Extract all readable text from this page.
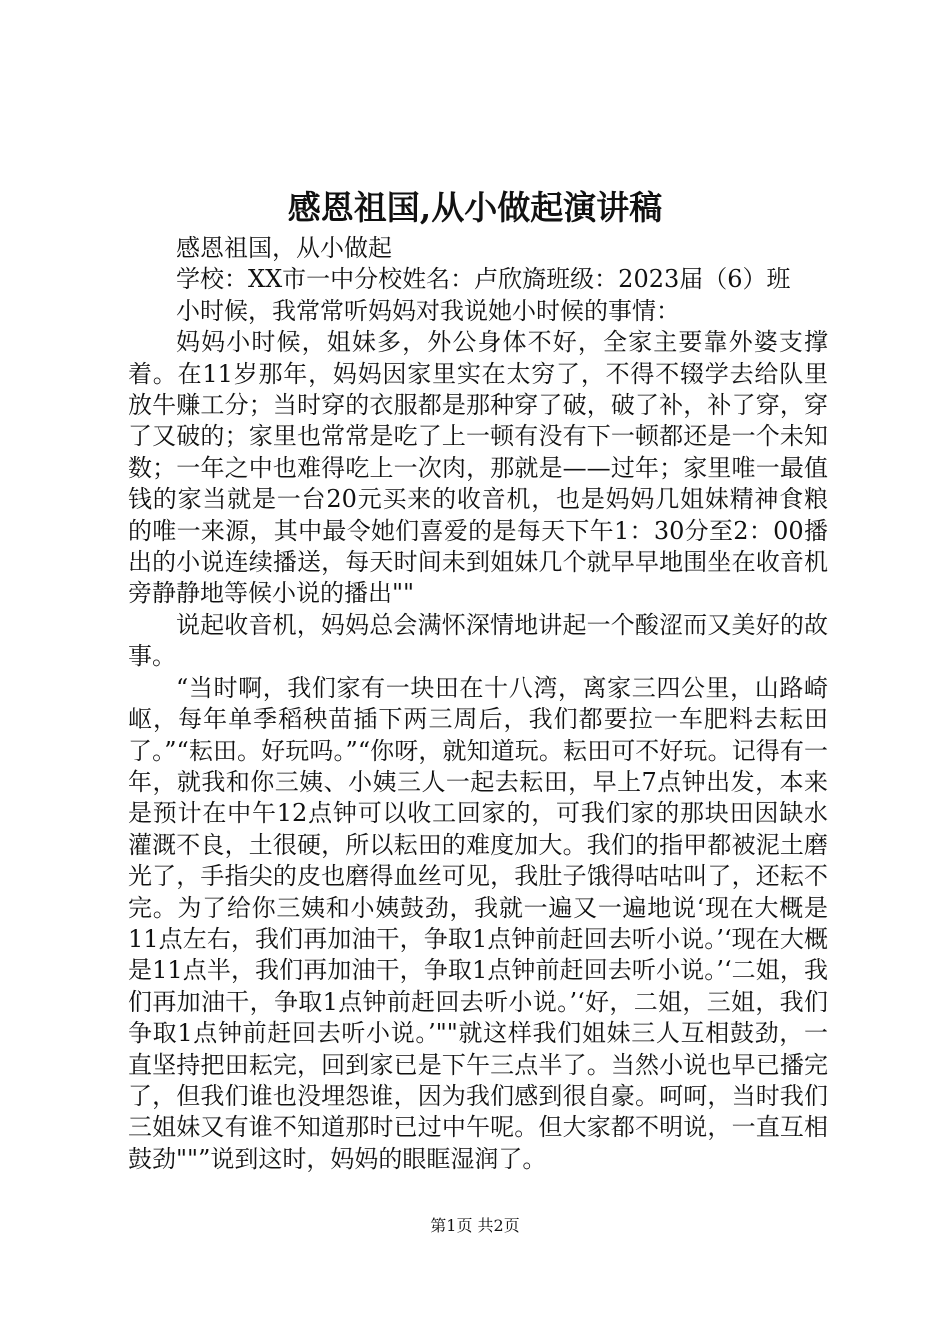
感恩祖国,从小做起演讲稿

感恩祖国，从小做起

学校：XX市一中分校姓名：卢欣旖班级：2023届（6）班

小时候，我常常听妈妈对我说她小时候的事情：

妈妈小时候，姐妹多，外公身体不好，全家主要靠外婆支撑着。在11岁那年，妈妈因家里实在太穷了，不得不辍学去给队里放牛赚工分；当时穿的衣服都是那种穿了破，破了补，补了穿，穿了又破的；家里也常常是吃了上一顿有没有下一顿都还是一个未知数；一年之中也难得吃上一次肉，那就是——过年；家里唯一最值钱的家当就是一台20元买来的收音机，也是妈妈几姐妹精神食粮的唯一来源，其中最令她们喜爱的是每天下午1：30分至2：00播出的小说连续播送，每天时间未到姐妹几个就早早地围坐在收音机旁静静地等候小说的播出""

说起收音机，妈妈总会满怀深情地讲起一个酸涩而又美好的故事。

“当时啊，我们家有一块田在十八湾，离家三四公里，山路崎岖，每年单季稻秧苗插下两三周后，我们都要拉一车肥料去耘田了。”“耘田。好玩吗。”“你呀，就知道玩。耘田可不好玩。记得有一年，就我和你三姨、小姨三人一起去耘田，早上7点钟出发，本来是预计在中午12点钟可以收工回家的，可我们家的那块田因缺水灌溉不良，土很硬，所以耘田的难度加大。我们的指甲都被泥土磨光了，手指尖的皮也磨得血丝可见，我肚子饿得咕咕叫了，还耘不完。为了给你三姨和小姨鼓劲，我就一遍又一遍地说‘现在大概是11点左右，我们再加油干，争取1点钟前赶回去听小说。’‘现在大概是11点半，我们再加油干，争取1点钟前赶回去听小说。’‘二姐，我们再加油干，争取1点钟前赶回去听小说。’‘好，二姐，三姐，我们争取1点钟前赶回去听小说。’""就这样我们姐妹三人互相鼓劲，一直坚持把田耘完，回到家已是下午三点半了。当然小说也早已播完了，但我们谁也没埋怨谁，因为我们感到很自豪。呵呵，当时我们三姐妹又有谁不知道那时已过中午呢。但大家都不明说，一直互相鼓劲""”说到这时，妈妈的眼眶湿润了。

第1页 共2页
